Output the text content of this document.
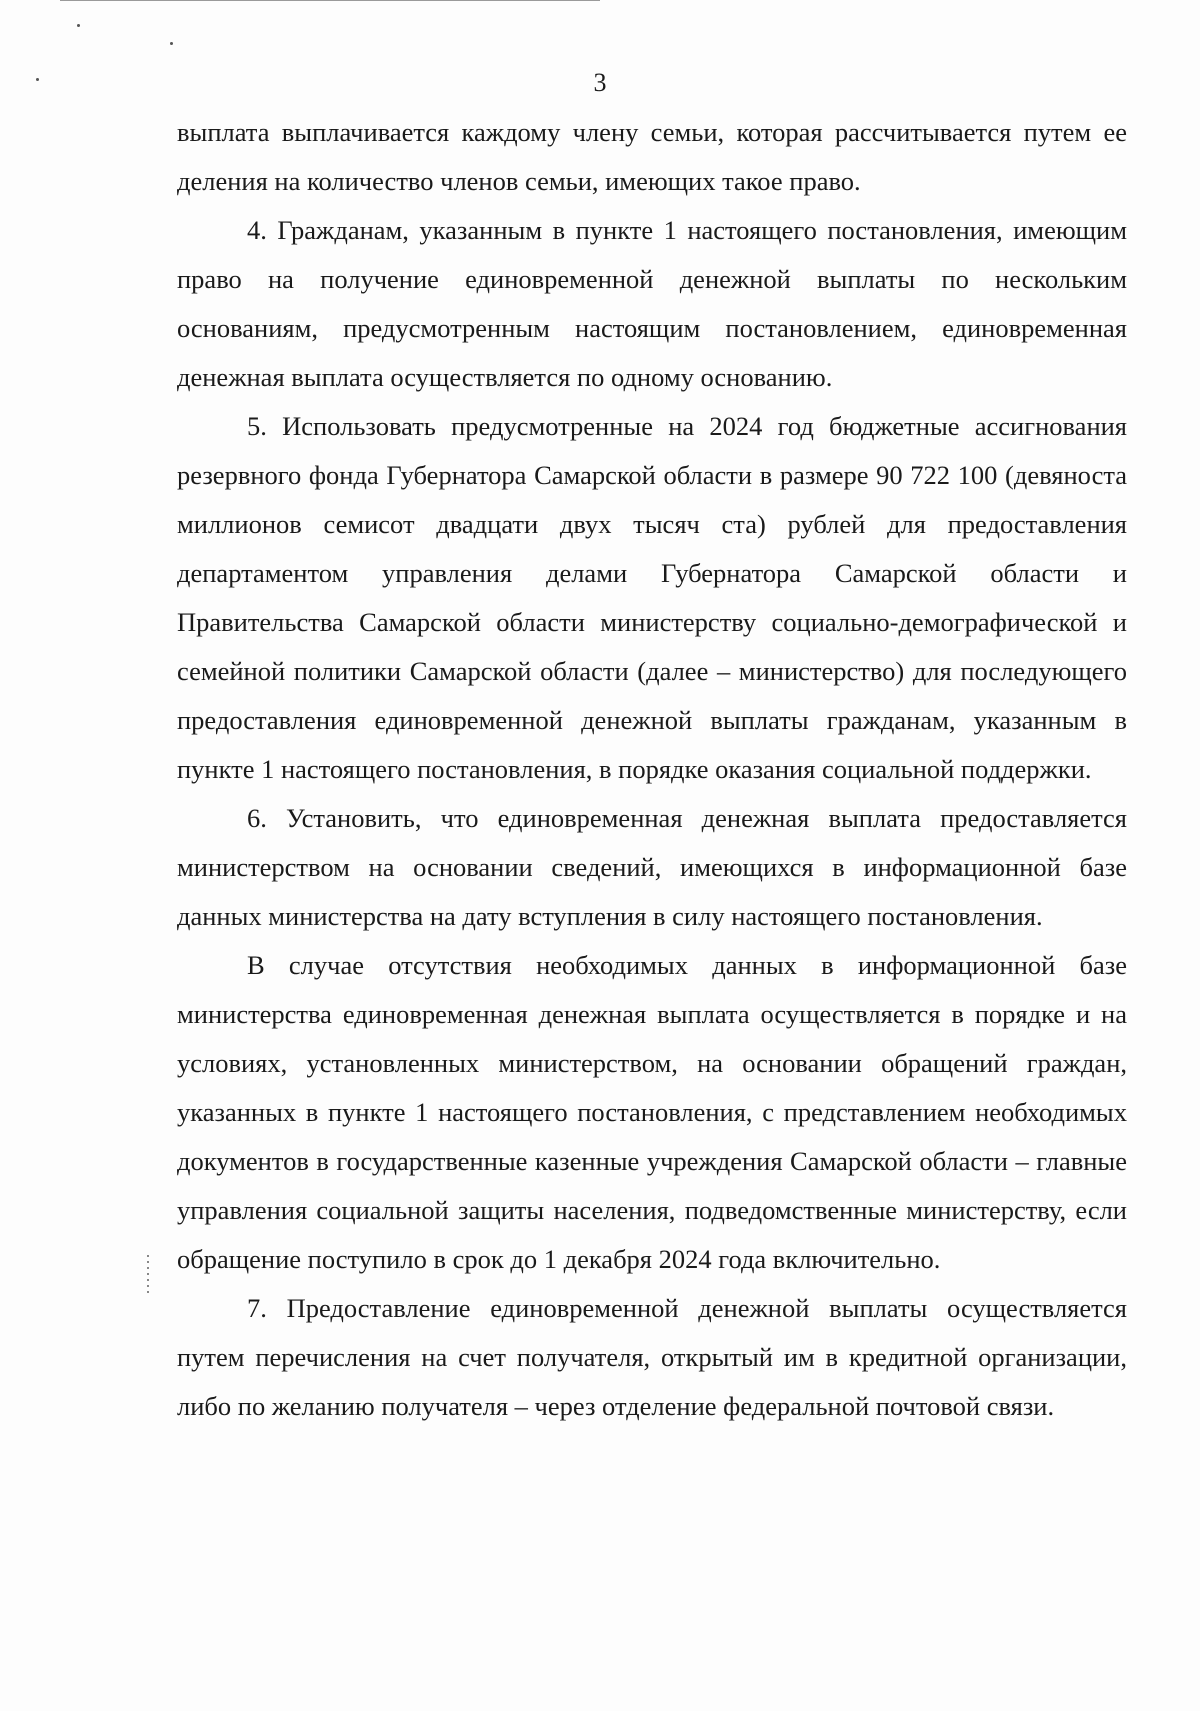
3

выплата выплачивается каждому члену семьи, которая рассчитывается путем ее деления на количество членов семьи, имеющих такое право.

4. Гражданам, указанным в пункте 1 настоящего постановления, имеющим право на получение единовременной денежной выплаты по нескольким основаниям, предусмотренным настоящим постановлением, единовременная денежная выплата осуществляется по одному основанию.

5. Использовать предусмотренные на 2024 год бюджетные ассигнования резервного фонда Губернатора Самарской области в размере 90 722 100 (девяноста миллионов семисот двадцати двух тысяч ста) рублей для предоставления департаментом управления делами Губернатора Самарской области и Правительства Самарской области министерству социально-демографической и семейной политики Самарской области (далее – министерство) для последующего предоставления единовременной денежной выплаты гражданам, указанным в пункте 1 настоящего постановления, в порядке оказания социальной поддержки.

6. Установить, что единовременная денежная выплата предоставляется министерством на основании сведений, имеющихся в информационной базе данных министерства на дату вступления в силу настоящего постановления.

В случае отсутствия необходимых данных в информационной базе министерства единовременная денежная выплата осуществляется в порядке и на условиях, установленных министерством, на основании обращений граждан, указанных в пункте 1 настоящего постановления, с представлением необходимых документов в государственные казенные учреждения Самарской области – главные управления социальной защиты населения, подведомственные министерству, если обращение поступило в срок до 1 декабря 2024 года включительно.

7. Предоставление единовременной денежной выплаты осуществляется путем перечисления на счет получателя, открытый им в кредитной организации, либо по желанию получателя – через отделение федеральной почтовой связи.
